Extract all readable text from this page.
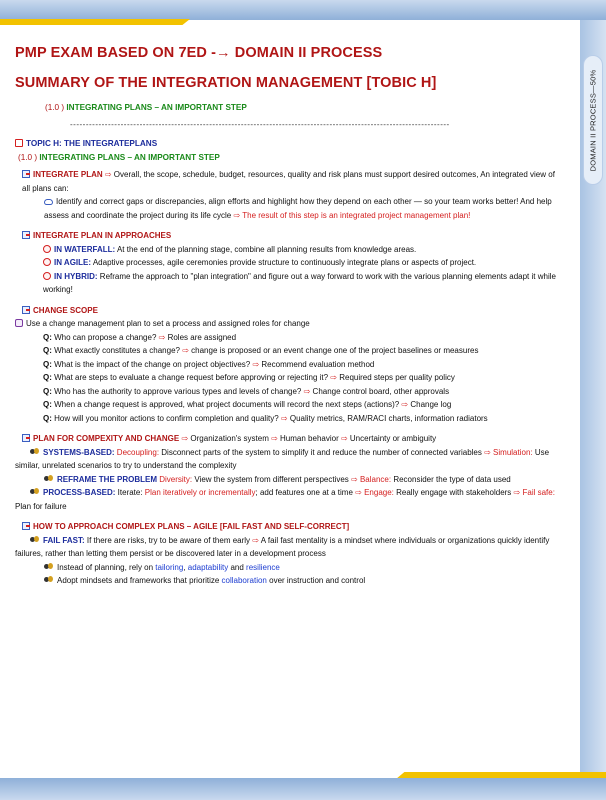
DOMAIN II PROCESS—50%
PMP EXAM BASED ON 7ED -→ DOMAIN II PROCESS
SUMMARY OF THE INTEGRATION MANAGEMENT [TOBIC H]
(1.0 ) INTEGRATING PLANS – AN IMPORTANT STEP
------------------------------------------------------------------------------------------------------------------------
TOPIC H: THE INTEGRATEPLANS
(1.0 ) INTEGRATING PLANS – AN IMPORTANT STEP
INTEGRATE PLAN ⇨ Overall, the scope, schedule, budget, resources, quality and risk plans must support desired outcomes, An integrated view of all plans can:
Identify and correct gaps or discrepancies, align efforts and highlight how they depend on each other — so your team works better! And help assess and coordinate the project during its life cycle ⇨ The result of this step is an integrated project management plan!
INTEGRATE PLAN IN APPROACHES
IN WATERFALL: At the end of the planning stage, combine all planning results from knowledge areas.
IN AGILE: Adaptive processes, agile ceremonies provide structure to continuously integrate plans or aspects of project.
IN HYBRID: Reframe the approach to "plan integration" and figure out a way forward to work with the various planning elements adapt it while working!
CHANGE SCOPE
Use a change management plan to set a process and assigned roles for change
Q: Who can propose a change? ⇨ Roles are assigned
Q: What exactly constitutes a change? ⇨ change is proposed or an event change one of the project baselines or measures
Q: What is the impact of the change on project objectives? ⇨ Recommend evaluation method
Q: What are steps to evaluate a change request before approving or rejecting it? ⇨ Required steps per quality policy
Q: Who has the authority to approve various types and levels of change? ⇨ Change control board, other approvals
Q: When a change request is approved, what project documents will record the next steps (actions)? ⇨ Change log
Q: How will you monitor actions to confirm completion and quality? ⇨ Quality metrics, RAM/RACI charts, information radiators
PLAN FOR COMPEXITY AND CHANGE ⇨ Organization's system ⇨ Human behavior ⇨ Uncertainty or ambiguity
SYSTEMS-BASED: Decoupling: Disconnect parts of the system to simplify it and reduce the number of connected variables ⇨ Simulation: Use similar, unrelated scenarios to try to understand the complexity
REFRAME THE PROBLEM Diversity: View the system from different perspectives ⇨ Balance: Reconsider the type of data used
PROCESS-BASED: Iterate: Plan iteratively or incrementally; add features one at a time ⇨ Engage: Really engage with stakeholders ⇨ Fail safe: Plan for failure
HOW TO APPROACH COMPLEX PLANS – AGILE [FAIL FAST AND SELF-CORRECT]
FAIL FAST: If there are risks, try to be aware of them early ⇨ A fail fast mentality is a mindset where individuals or organizations quickly identify failures, rather than letting them persist or be discovered later in a development process
Instead of planning, rely on tailoring, adaptability and resilience
Adopt mindsets and frameworks that prioritize collaboration over instruction and control
